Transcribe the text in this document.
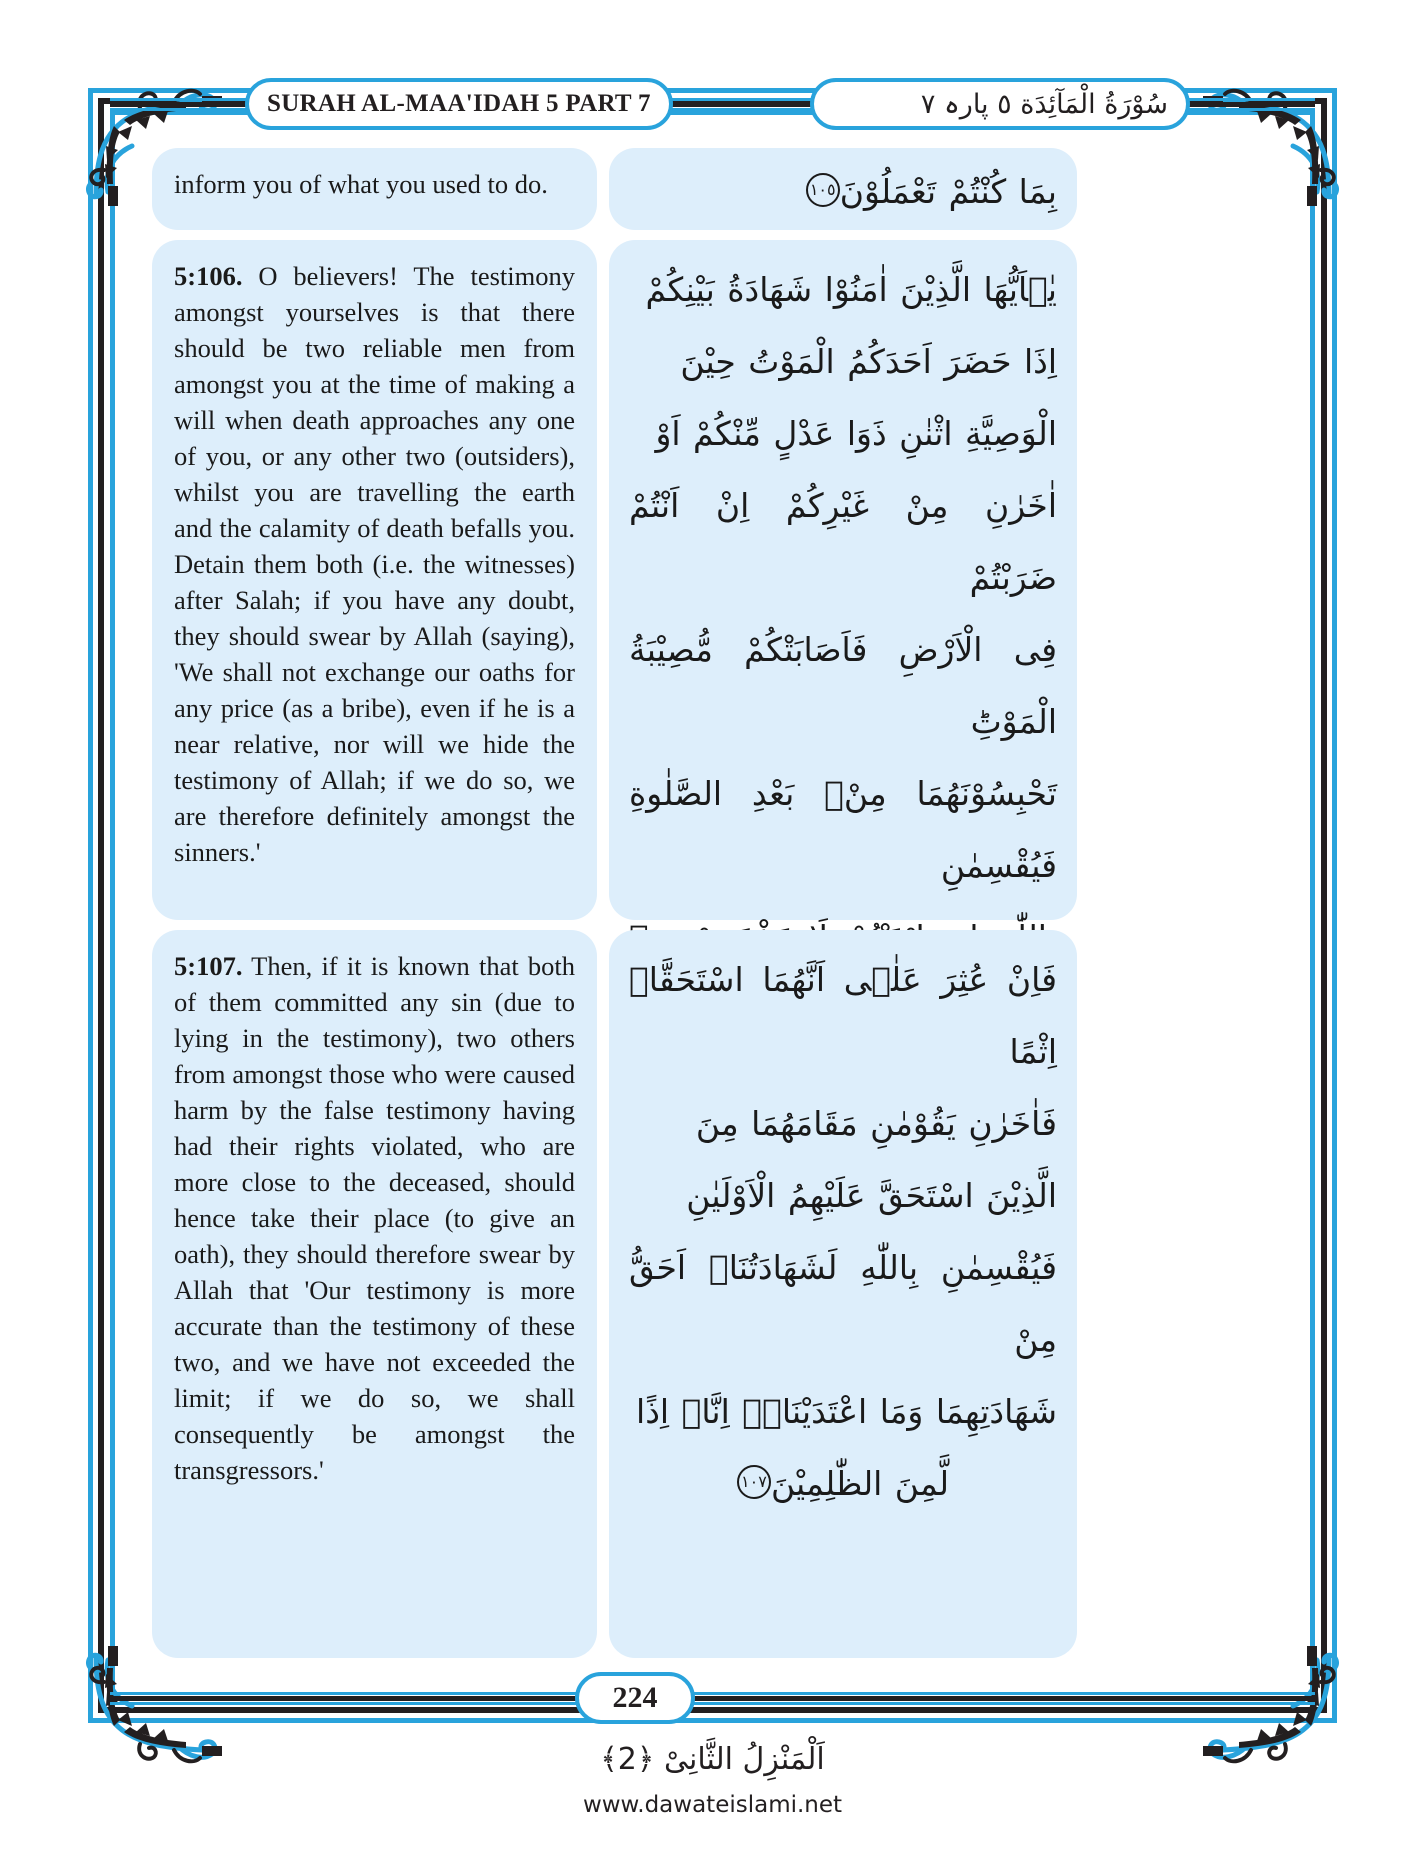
SURAH AL-MAA'IDAH 5 PART 7	سُوْرَةُ الْمَآئِدَة ٥ پارہ ٧
inform you of what you used to do.	بِمَا كُنْتُمْ تَعْمَلُوْنَ
١٠٥
5:106. O believers! The testimony amongst yourselves is that there should be two reliable men from amongst you at the time of making a will when death approaches any one of you, or any other two (outsiders), whilst you are travelling the earth and the calamity of death befalls you. Detain them both (i.e. the witnesses) after Salah; if you have any doubt, they should swear by Allah (saying), 'We shall not exchange our oaths for any price (as a bribe), even if he is a near relative, nor will we hide the testimony of Allah; if we do so, we are therefore definitely amongst the sinners.'
یٰۤاَیُّهَا الَّذِیْنَ اٰمَنُوْا شَهَادَةُ بَیْنِكُمْ
اِذَا حَضَرَ اَحَدَكُمُ الْمَوْتُ حِیْنَ
الْوَصِیَّةِ اثْنٰنِ ذَوَا عَدْلٍ مِّنْكُمْ اَوْ
اٰخَرٰنِ مِنْ غَیْرِكُمْ اِنْ اَنْتُمْ ضَرَبْتُمْ
فِی الْاَرْضِ فَاَصَابَتْكُمْ مُّصِیْبَةُ الْمَوْتِؕ
تَحْبِسُوْنَهُمَا مِنْۢ بَعْدِ الصَّلٰوةِ فَیُقْسِمٰنِ
5:107. Then, if it is known that both of them committed any sin (due to lying in the testimony), two others from amongst those who were caused harm by the false testimony having had their rights violated, who are more close to the deceased, should hence take their place (to give an oath), they should therefore swear by Allah that 'Our testimony is more accurate than the testimony of these two, and we have not exceeded the limit; if we do so, we shall consequently be amongst the transgressors.'
فَاِنْ عُثِرَ عَلٰۤی اَنَّهُمَا اسْتَحَقَّاۤ اِثْمًا
فَاٰخَرٰنِ یَقُوْمٰنِ مَقَامَهُمَا مِنَ
الَّذِیْنَ اسْتَحَقَّ عَلَیْهِمُ الْاَوْلَیٰنِ
فَیُقْسِمٰنِ بِاللّٰهِ لَشَهَادَتُنَاۤ اَحَقُّ مِنْ
شَهَادَتِهِمَا وَمَا اعْتَدَیْنَاۤۖ اِنَّاۤ اِذًا
لَّمِنَ الظّٰلِمِیْنَ
١٠٧
224
اَلْمَنْزِلُ الثَّانِیْ ﴿2﴾
www.dawateislami.net
